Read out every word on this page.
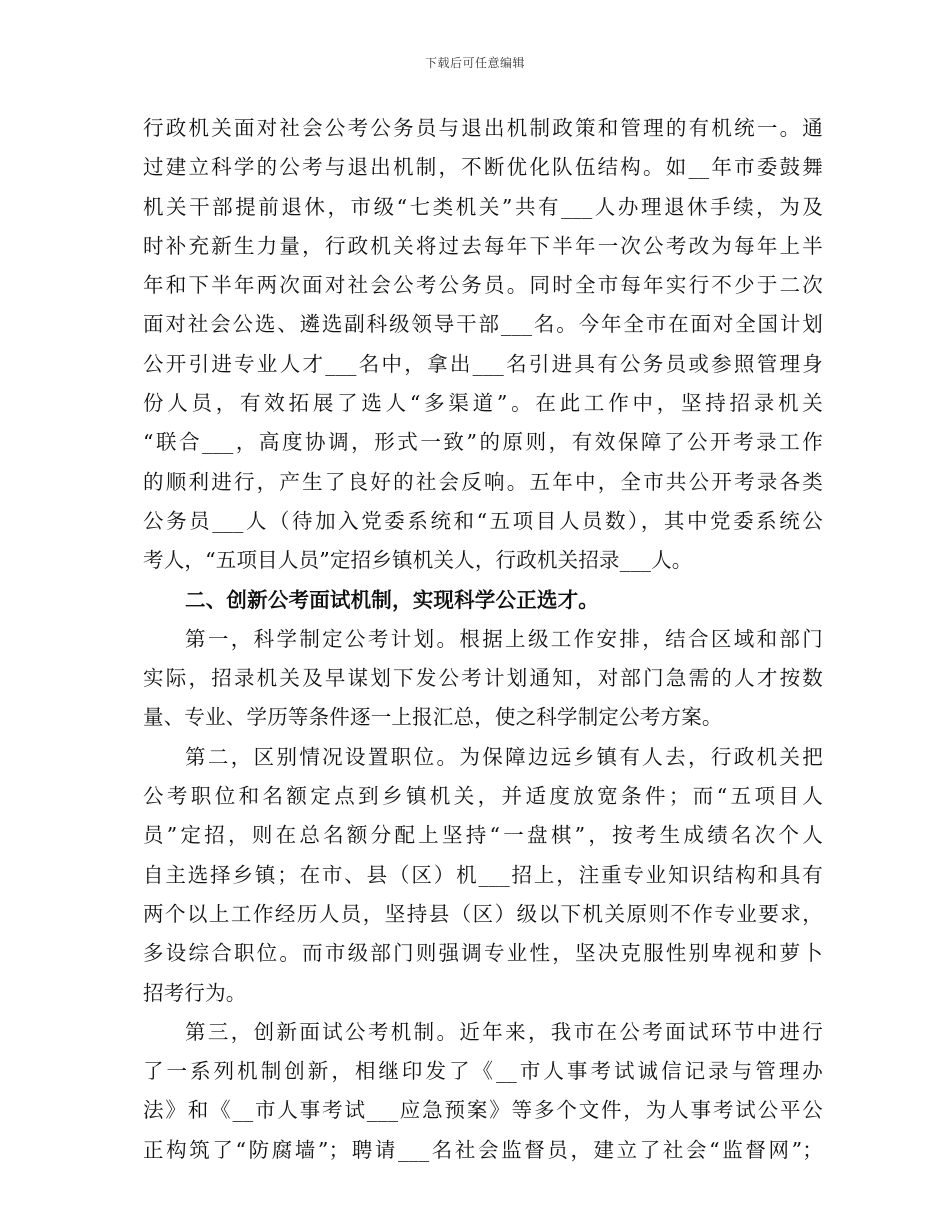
下载后可任意编辑
行政机关面对社会公考公务员与退出机制政策和管理的有机统一。通
过建立科学的公考与退出机制，不断优化队伍结构。如__年市委鼓舞
机关干部提前退休，市级“七类机关”共有___人办理退休手续，为及
时补充新生力量，行政机关将过去每年下半年一次公考改为每年上半
年和下半年两次面对社会公考公务员。同时全市每年实行不少于二次
面对社会公选、遴选副科级领导干部___名。今年全市在面对全国计划
公开引进专业人才___名中，拿出___名引进具有公务员或参照管理身
份人员，有效拓展了选人“多渠道”。在此工作中，坚持招录机关
“联合___，高度协调，形式一致”的原则，有效保障了公开考录工作
的顺利进行，产生了良好的社会反响。五年中，全市共公开考录各类
公务员___人（待加入党委系统和“五项目人员数），其中党委系统公
考人，“五项目人员”定招乡镇机关人，行政机关招录___人。
二、创新公考面试机制，实现科学公正选才。
第一，科学制定公考计划。根据上级工作安排，结合区域和部门
实际，招录机关及早谋划下发公考计划通知，对部门急需的人才按数
量、专业、学历等条件逐一上报汇总，使之科学制定公考方案。
第二，区别情况设置职位。为保障边远乡镇有人去，行政机关把
公考职位和名额定点到乡镇机关，并适度放宽条件；而“五项目人
员”定招，则在总名额分配上坚持“一盘棋”，按考生成绩名次个人
自主选择乡镇；在市、县（区）机___招上，注重专业知识结构和具有
两个以上工作经历人员，坚持县（区）级以下机关原则不作专业要求，
多设综合职位。而市级部门则强调专业性，坚决克服性别卑视和萝卜
招考行为。
第三，创新面试公考机制。近年来，我市在公考面试环节中进行
了一系列机制创新，相继印发了《__市人事考试诚信记录与管理办
法》和《__市人事考试___应急预案》等多个文件，为人事考试公平公
正构筑了“防腐墙”；聘请___名社会监督员，建立了社会“监督网”；
